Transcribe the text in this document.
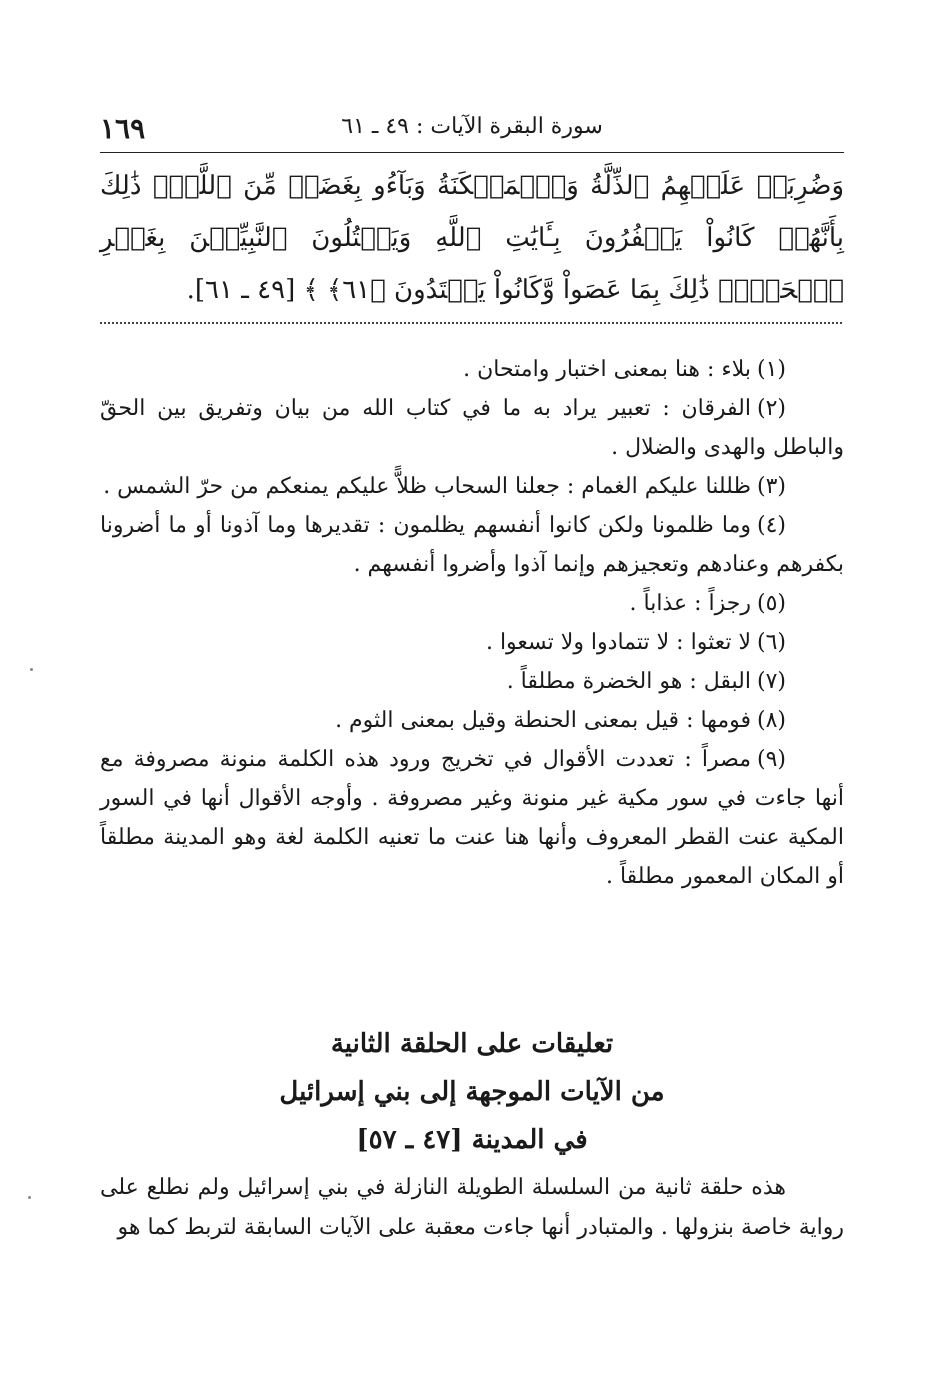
سورة البقرة الآيات : ٤٩ ـ ٦١
١٦٩
وَضُرِبَتۡ عَلَيۡهِمُ ٱلذِّلَّةُ وَٱلۡمَسۡكَنَةُ وَبَآءُو بِغَضَبٖ مِّنَ ٱللَّهِۗ ذَٰلِكَ بِأَنَّهُمۡ كَانُواْ يَكۡفُرُونَ بِـَٔايَٰتِ ٱللَّهِ وَيَقۡتُلُونَ ٱلنَّبِيِّـۧنَ بِغَيۡرِ ٱلۡحَقِّۗ ذَٰلِكَ بِمَا عَصَواْ وَّكَانُواْ يَعۡتَدُونَ ﴿٦١﴾ ﴾ [٤٩ ـ ٦١].
(١)بلاء : هنا بمعنى اختبار وامتحان .
(٢)الفرقان : تعبير يراد به ما في كتاب الله من بيان وتفريق بين الحقّ والباطل والهدى والضلال .
(٣)ظللنا عليكم الغمام : جعلنا السحاب ظلاًّ عليكم يمنعكم من حرّ الشمس .
(٤)وما ظلمونا ولكن كانوا أنفسهم يظلمون : تقديرها وما آذونا أو ما أضرونا بكفرهم وعنادهم وتعجيزهم وإنما آذوا وأضروا أنفسهم .
(٥)رجزاً : عذاباً .
(٦)لا تعثوا : لا تتمادوا ولا تسعوا .
(٧)البقل : هو الخضرة مطلقاً .
(٨)فومها : قيل بمعنى الحنطة وقيل بمعنى الثوم .
(٩)مصراً : تعددت الأقوال في تخريج ورود هذه الكلمة منونة مصروفة مع أنها جاءت في سور مكية غير منونة وغير مصروفة . وأوجه الأقوال أنها في السور المكية عنت القطر المعروف وأنها هنا عنت ما تعنيه الكلمة لغة وهو المدينة مطلقاً أو المكان المعمور مطلقاً .
تعليقات على الحلقة الثانية
من الآيات الموجهة إلى بني إسرائيل
في المدينة [٤٧ ـ ٥٧]
هذه حلقة ثانية من السلسلة الطويلة النازلة في بني إسرائيل ولم نطلع على رواية خاصة بنزولها . والمتبادر أنها جاءت معقبة على الآيات السابقة لتربط كما هو
